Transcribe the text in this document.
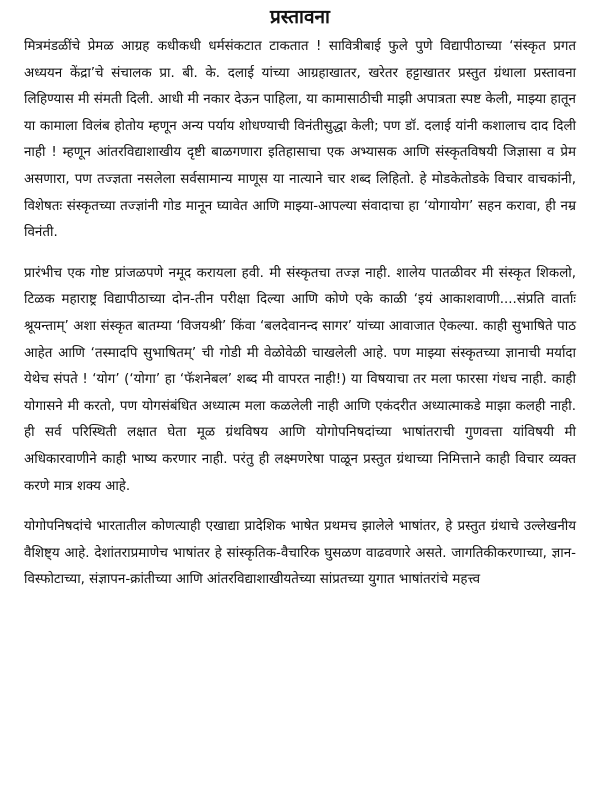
प्रस्तावना

मित्रमंडळींचे प्रेमळ आग्रह कधीकधी धर्मसंकटात टाकतात ! सावित्रीबाई फुले पुणे विद्यापीठाच्या ‘संस्कृत प्रगत अध्ययन केंद्रा’चे संचालक प्रा. बी. के. दलाई यांच्या आग्रहाखातर, खरेतर हट्टाखातर प्रस्तुत ग्रंथाला प्रस्तावना लिहिण्यास मी संमती दिली. आधी मी नकार देऊन पाहिला, या कामासाठीची माझी अपात्रता स्पष्ट केली, माझ्या हातून या कामाला विलंब होतोय म्हणून अन्य पर्याय शोधण्याची विनंतीसुद्धा केली; पण डॉ. दलाई यांनी कशालाच दाद दिली नाही ! म्हणून आंतरविद्याशाखीय दृष्टी बाळगणारा इतिहासाचा एक अभ्यासक आणि संस्कृतविषयी जिज्ञासा व प्रेम असणारा, पण तज्ज्ञता नसलेला सर्वसामान्य माणूस या नात्याने चार शब्द लिहितो. हे मोडकेतोडके विचार वाचकांनी, विशेषतः संस्कृतच्या तज्ज्ञांनी गोड मानून घ्यावेत आणि माझ्या-आपल्या संवादाचा हा ‘योगायोग’ सहन करावा, ही नम्र विनंती.

प्रारंभीच एक गोष्ट प्रांजळपणे नमूद करायला हवी. मी संस्कृतचा तज्ज्ञ नाही. शालेय पातळीवर मी संस्कृत शिकलो, टिळक महाराष्ट्र विद्यापीठाच्या दोन-तीन परीक्षा दिल्या आणि कोणे एके काळी ‘इयं आकाशवाणी....संप्रति वार्ताः श्रूयन्ताम्’ अशा संस्कृत बातम्या ‘विजयश्री’ किंवा ‘बलदेवानन्द सागर’ यांच्या आवाजात ऐकल्या. काही सुभाषिते पाठ आहेत आणि ‘तस्मादपि सुभाषितम्’ ची गोडी मी वेळोवेळी चाखलेली आहे. पण माझ्या संस्कृतच्या ज्ञानाची मर्यादा येथेच संपते ! ‘योग’ (‘योगा’ हा ‘फॅशनेबल’ शब्द मी वापरत नाही!) या विषयाचा तर मला फारसा गंधच नाही. काही योगासने मी करतो, पण योगसंबंधित अध्यात्म मला कळलेली नाही आणि एकंदरीत अध्यात्माकडे माझा कलही नाही. ही सर्व परिस्थिती लक्षात घेता मूळ ग्रंथविषय आणि योगोपनिषदांच्या भाषांतराची गुणवत्ता यांविषयी मी अधिकारवाणीने काही भाष्य करणार नाही. परंतु ही लक्ष्मणरेषा पाळून प्रस्तुत ग्रंथाच्या निमित्ताने काही विचार व्यक्त करणे मात्र शक्य आहे.

योगोपनिषदांचे भारतातील कोणत्याही एखाद्या प्रादेशिक भाषेत प्रथमच झालेले भाषांतर, हे प्रस्तुत ग्रंथाचे उल्लेखनीय वैशिष्ट्य आहे. देशांतराप्रमाणेच भाषांतर हे सांस्कृतिक-वैचारिक घुसळण वाढवणारे असते. जागतिकीकरणाच्या, ज्ञान-विस्फोटाच्या, संज्ञापन-क्रांतीच्या आणि आंतरविद्याशाखीयतेच्या सांप्रतच्या युगात भाषांतरांचे महत्त्व
